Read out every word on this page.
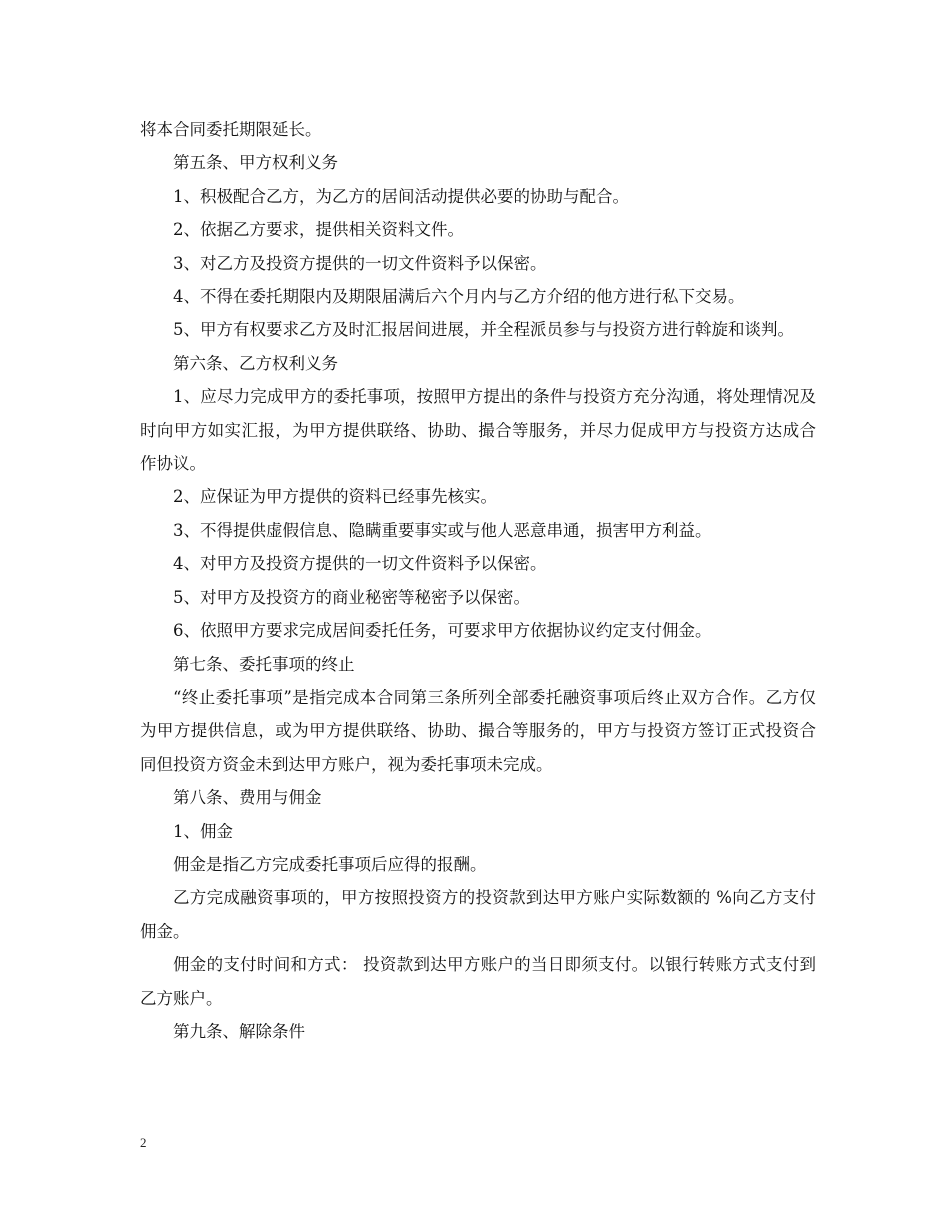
将本合同委托期限延长。

第五条、甲方权利义务

1、积极配合乙方，为乙方的居间活动提供必要的协助与配合。

2、依据乙方要求，提供相关资料文件。

3、对乙方及投资方提供的一切文件资料予以保密。

4、不得在委托期限内及期限届满后六个月内与乙方介绍的他方进行私下交易。

5、甲方有权要求乙方及时汇报居间进展，并全程派员参与与投资方进行斡旋和谈判。

第六条、乙方权利义务

1、应尽力完成甲方的委托事项，按照甲方提出的条件与投资方充分沟通，将处理情况及时向甲方如实汇报，为甲方提供联络、协助、撮合等服务，并尽力促成甲方与投资方达成合作协议。

2、应保证为甲方提供的资料已经事先核实。

3、不得提供虚假信息、隐瞒重要事实或与他人恶意串通，损害甲方利益。

4、对甲方及投资方提供的一切文件资料予以保密。

5、对甲方及投资方的商业秘密等秘密予以保密。

6、依照甲方要求完成居间委托任务，可要求甲方依据协议约定支付佣金。

第七条、委托事项的终止

“终止委托事项”是指完成本合同第三条所列全部委托融资事项后终止双方合作。乙方仅为甲方提供信息，或为甲方提供联络、协助、撮合等服务的，甲方与投资方签订正式投资合同但投资方资金未到达甲方账户，视为委托事项未完成。

第八条、费用与佣金

1、佣金

佣金是指乙方完成委托事项后应得的报酬。

乙方完成融资事项的，甲方按照投资方的投资款到达甲方账户实际数额的 %向乙方支付佣金。

佣金的支付时间和方式： 投资款到达甲方账户的当日即须支付。以银行转账方式支付到乙方账户。

第九条、解除条件

2
